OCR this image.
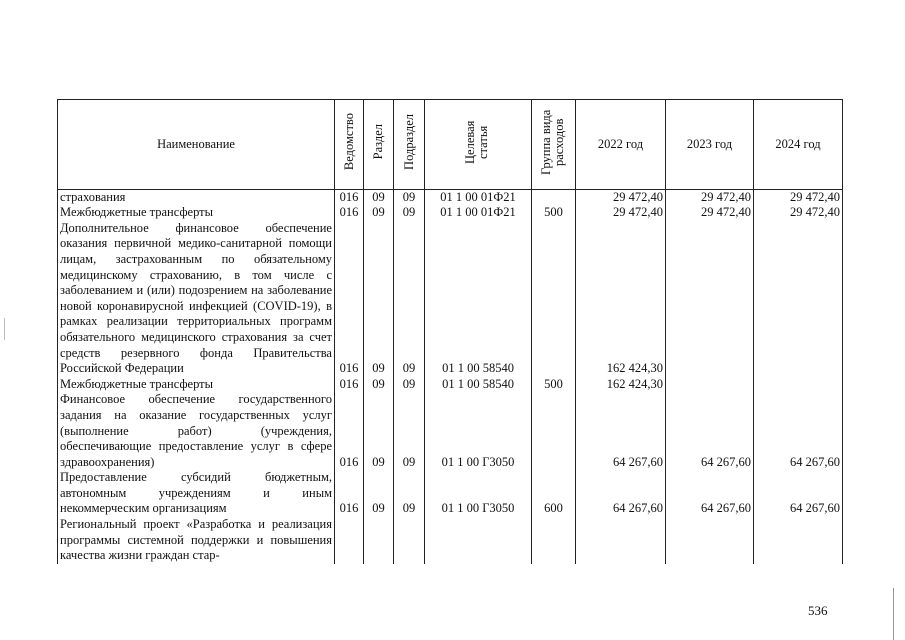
Наименование	Ведомство	Раздел	Подраздел	Целевая статья	Группа вида расходов	2022 год	2023 год	2024 год
страхования	016	09	09	01 1 00 01Ф21		29 472,40	29 472,40	29 472,40
Межбюджетные трансферты	016	09	09	01 1 00 01Ф21	500	29 472,40	29 472,40	29 472,40
Дополнительное финансовое обеспечение оказания первичной медико-санитарной помощи лицам, застрахованным по обязательному медицинскому страхованию, в том числе с заболеванием и (или) подозрением на заболевание новой коронавирусной инфекцией (COVID-19), в рамках реализации территориальных программ обязательного медицинского страхования за счет средств резервного фонда Правительства Российской Федерации	016	09	09	01 1 00 58540		162 424,30		
Межбюджетные трансферты	016	09	09	01 1 00 58540	500	162 424,30		
Финансовое обеспечение государственного задания на оказание государственных услуг (выполнение работ) (учреждения, обеспечивающие предоставление услуг в сфере здравоохранения)	016	09	09	01 1 00 Г3050		64 267,60	64 267,60	64 267,60
Предоставление субсидий бюджетным, автономным учреждениям и иным некоммерческим организациям	016	09	09	01 1 00 Г3050	600	64 267,60	64 267,60	64 267,60
Региональный проект «Разработка и реализация программы системной поддержки и повышения качества жизни граждан стар-								
536
